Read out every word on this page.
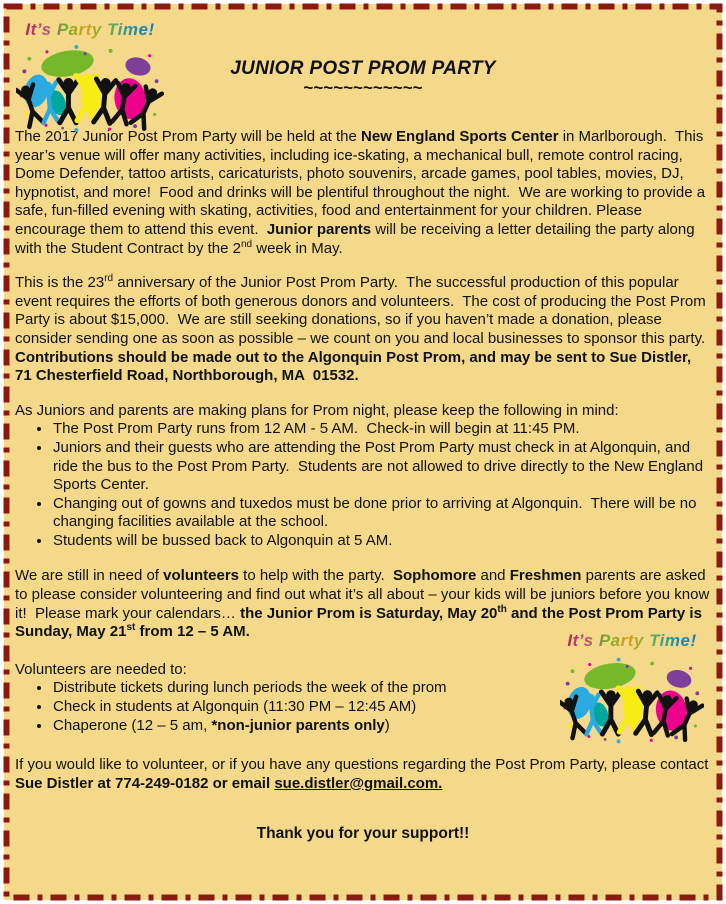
It’s Party Time!
JUNIOR POST PROM PARTY
~~~~~~~~~~~~

The 2017 Junior Post Prom Party will be held at the New England Sports Center in Marlborough.  This year’s venue will offer many activities, including ice-skating, a mechanical bull, remote control racing, Dome Defender, tattoo artists, caricaturists, photo souvenirs, arcade games, pool tables, movies, DJ, hypnotist, and more!  Food and drinks will be plentiful throughout the night.  We are working to provide a safe, fun-filled evening with skating, activities, food and entertainment for your children. Please encourage them to attend this event.  Junior parents will be receiving a letter detailing the party along with the Student Contract by the 2nd week in May.

This is the 23rd anniversary of the Junior Post Prom Party.  The successful production of this popular event requires the efforts of both generous donors and volunteers.  The cost of producing the Post Prom Party is about $15,000.  We are still seeking donations, so if you haven’t made a donation, please consider sending one as soon as possible – we count on you and local businesses to sponsor this party.   Contributions should be made out to the Algonquin Post Prom, and may be sent to Sue Distler, 71 Chesterfield Road, Northborough, MA  01532.

As Juniors and parents are making plans for Prom night, please keep the following in mind:

• The Post Prom Party runs from 12 AM - 5 AM.  Check-in will begin at 11:45 PM.
• Juniors and their guests who are attending the Post Prom Party must check in at Algonquin, and ride the bus to the Post Prom Party.  Students are not allowed to drive directly to the New England Sports Center.
• Changing out of gowns and tuxedos must be done prior to arriving at Algonquin.  There will be no changing facilities available at the school.
• Students will be bussed back to Algonquin at 5 AM.

We are still in need of volunteers to help with the party.  Sophomore and Freshmen parents are asked to please consider volunteering and find out what it’s all about – your kids will be juniors before you know it!  Please mark your calendars… the Junior Prom is Saturday, May 20th and the Post Prom Party is Sunday, May 21st from 12 – 5 AM.

Volunteers are needed to:

• Distribute tickets during lunch periods the week of the prom
• Check in students at Algonquin (11:30 PM – 12:45 AM)
• Chaperone (12 – 5 am, *non-junior parents only)

If you would like to volunteer, or if you have any questions regarding the Post Prom Party, please contact Sue Distler at 774-249-0182 or email sue.distler@gmail.com.

Thank you for your support!!

It’s Party Time!
